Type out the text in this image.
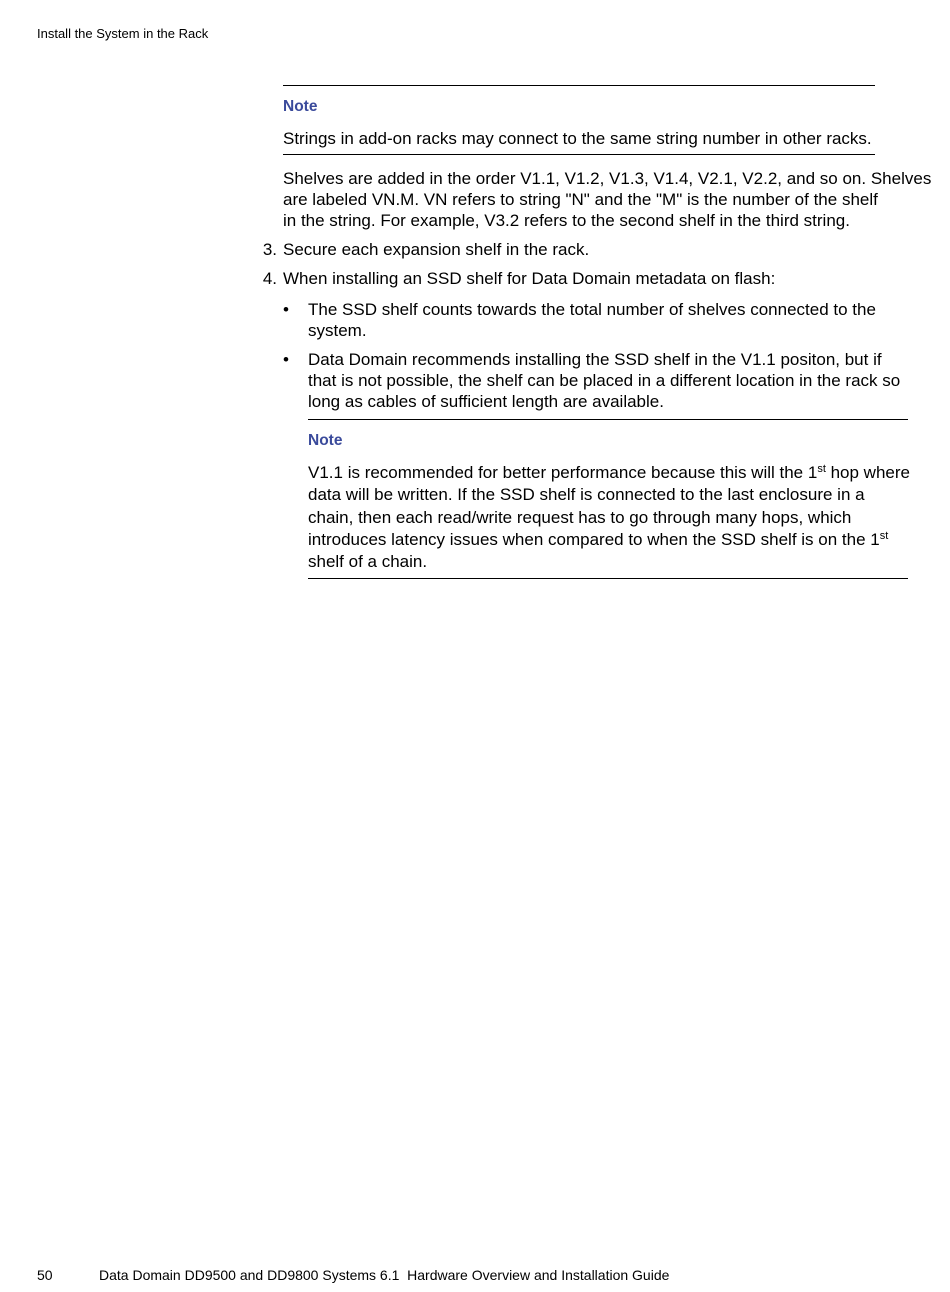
Install the System in the Rack
Note
Strings in add-on racks may connect to the same string number in other racks.
Shelves are added in the order V1.1, V1.2, V1.3, V1.4, V2.1, V2.2, and so on. Shelves
are labeled VN.M. VN refers to string "N" and the "M" is the number of the shelf
in the string. For example, V3.2 refers to the second shelf in the third string.
3. Secure each expansion shelf in the rack.
4. When installing an SSD shelf for Data Domain metadata on flash:
• The SSD shelf counts towards the total number of shelves connected to the
system.
• Data Domain recommends installing the SSD shelf in the V1.1 positon, but if
that is not possible, the shelf can be placed in a different location in the rack so
long as cables of sufficient length are available.
Note
V1.1 is recommended for better performance because this will the 1st hop where
data will be written. If the SSD shelf is connected to the last enclosure in a
chain, then each read/write request has to go through many hops, which
introduces latency issues when compared to when the SSD shelf is on the 1st
shelf of a chain.
50	Data Domain DD9500 and DD9800 Systems 6.1  Hardware Overview and Installation Guide
